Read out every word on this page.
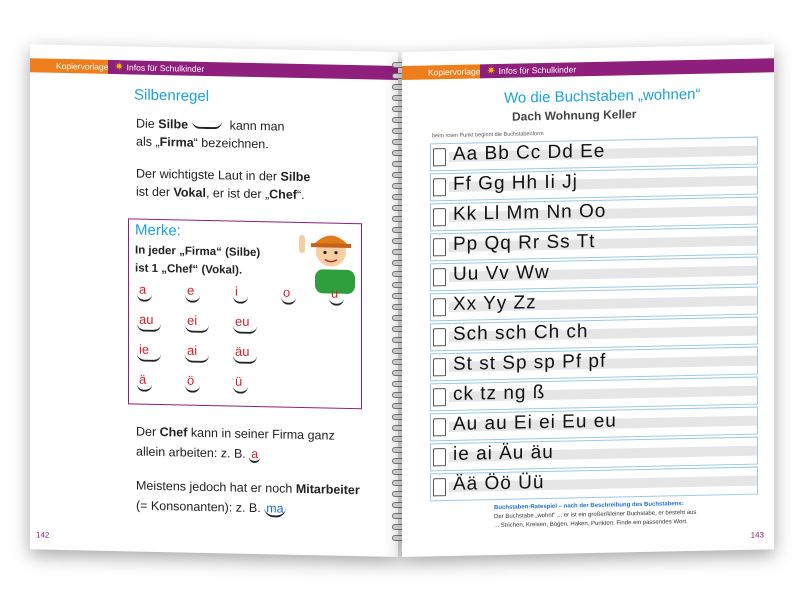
Kopiervorlage ✷ Infos für Schulkinder
Silbenregel
Die Silbe	kann man
als „Firma“ bezeichnen.
Der wichtigste Laut in der Silbe
ist der Vokal, er ist der „Chef“.
Merke:
In jeder „Firma“ (Silbe)
ist 1 „Chef“ (Vokal).
a	e	i	o	u
au	ei	eu
ie	ai	äu
ä	ö	ü
Der Chef kann in seiner Firma ganz
allein arbeiten: z. B. a
Meistens jedoch hat er noch Mitarbeiter
(= Konsonanten): z. B. ma
142
Kopiervorlage ✷ Infos für Schulkinder
Wo die Buchstaben „wohnen“
Dach Wohnung Keller
beim roten Punkt beginnt die Buchstabenform
Aa Bb Cc Dd Ee
Ff Gg Hh Ii Jj
Kk Ll Mm Nn Oo
Pp Qq Rr Ss Tt
Uu Vv Ww
Xx Yy Zz
Sch sch Ch ch
St st Sp sp Pf pf
ck tz ng ß
Au au Ei ei Eu eu
ie ai Äu äu
Ää Öö Üü
Buchstaben-Ratespiel – nach der Beschreibung des Buchstabens:
Der Buchstabe „wohnt“ ... er ist ein großer/kleiner Buchstabe, er besteht aus
... Strichen, Kreisen, Bögen, Haken, Punkten. Finde ein passendes Wort.
143
